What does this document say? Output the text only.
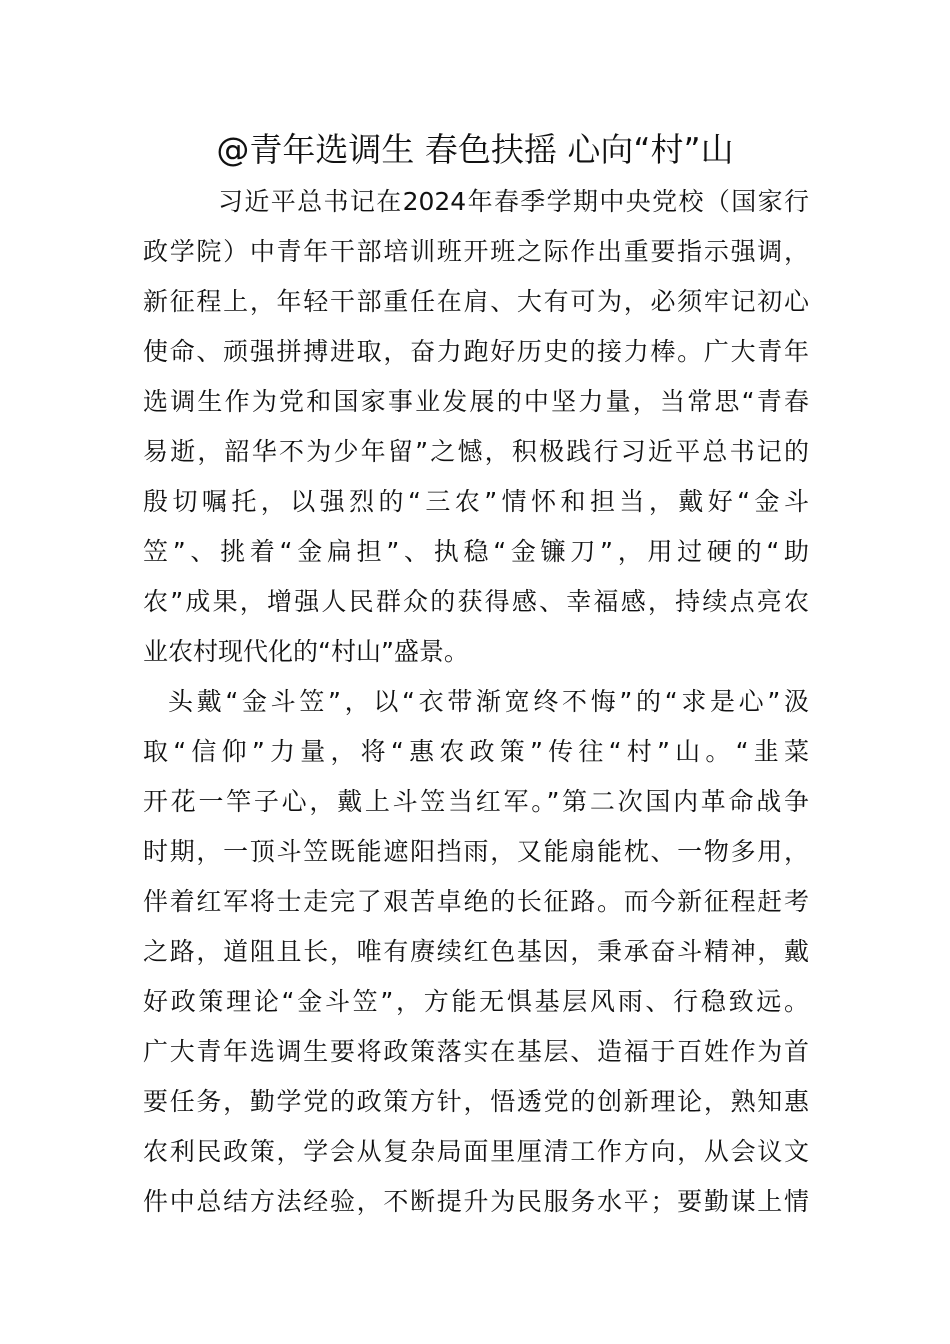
@青年选调生 春色扶摇 心向“村”山
习近平总书记在2024年春季学期中央党校（国家行
政学院）中青年干部培训班开班之际作出重要指示强调，
新征程上，年轻干部重任在肩、大有可为，必须牢记初心
使命、顽强拼搏进取，奋力跑好历史的接力棒。广大青年
选调生作为党和国家事业发展的中坚力量，当常思“青春
易逝，韶华不为少年留”之憾，积极践行习近平总书记的
殷切嘱托，以强烈的“三农”情怀和担当，戴好“金斗
笠”、挑着“金扁担”、执稳“金镰刀”，用过硬的“助
农”成果，增强人民群众的获得感、幸福感，持续点亮农
业农村现代化的“村山”盛景。
头戴“金斗笠”，以“衣带渐宽终不悔”的“求是心”汲
取“信仰”力量，将“惠农政策”传往“村”山。“韭菜
开花一竿子心，戴上斗笠当红军。”第二次国内革命战争
时期，一顶斗笠既能遮阳挡雨，又能扇能枕、一物多用，
伴着红军将士走完了艰苦卓绝的长征路。而今新征程赶考
之路，道阻且长，唯有赓续红色基因，秉承奋斗精神，戴
好政策理论“金斗笠”，方能无惧基层风雨、行稳致远。
广大青年选调生要将政策落实在基层、造福于百姓作为首
要任务，勤学党的政策方针，悟透党的创新理论，熟知惠
农利民政策，学会从复杂局面里厘清工作方向，从会议文
件中总结方法经验，不断提升为民服务水平；要勤谋上情
